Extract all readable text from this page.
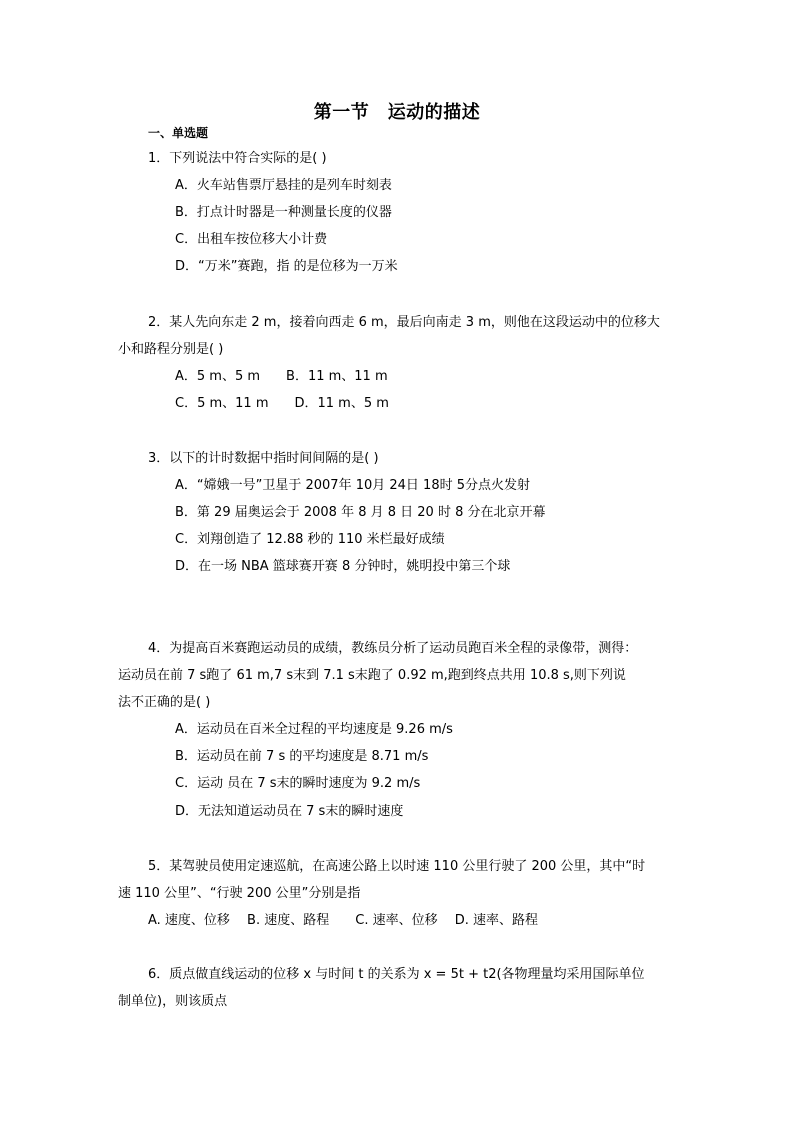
第一节　运动的描述
一、单选题
1．下列说法中符合实际的是( )
A．火车站售票厅悬挂的是列车时刻表
B．打点计时器是一种测量长度的仪器
C．出租车按位移大小计费
D．“万米”赛跑，指 的是位移为一万米
2．某人先向东走 2 m，接着向西走 6 m，最后向南走 3 m，则他在这段运动中的位移大
小和路程分别是( )
A．5 m、5 m　　B．11 m、11 m
C．5 m、11 m　　D．11 m、5 m
3．以下的计时数据中指时间间隔的是( )
A．“嫦娥一号”卫星于 2007年 10月 24日 18时 5分点火发射
B．第 29 届奥运会于 2008 年 8 月 8 日 20 时 8 分在北京开幕
C．刘翔创造了 12.88 秒的 110 米栏最好成绩
D．在一场 NBA 篮球赛开赛 8 分钟时，姚明投中第三个球
4．为提高百米赛跑运动员的成绩，教练员分析了运动员跑百米全程的录像带，测得：
运动员在前 7 s跑了 61 m,7 s末到 7.1 s末跑了 0.92 m,跑到终点共用 10.8 s,则下列说
法不正确的是( )
A．运动员在百米全过程的平均速度是 9.26 m/s
B．运动员在前 7 s 的平均速度是 8.71 m/s
C．运动 员在 7 s末的瞬时速度为 9.2 m/s
D．无法知道运动员在 7 s末的瞬时速度
5．某驾驶员使用定速巡航，在高速公路上以时速 110 公里行驶了 200 公里，其中“时
速 110 公里”、“行驶 200 公里”分别是指
A. 速度、位移　 B. 速度、路程　　C. 速率、位移　 D. 速率、路程
6．质点做直线运动的位移 x 与时间 t 的关系为 x = 5t + t2(各物理量均采用国际单位
制单位)，则该质点
